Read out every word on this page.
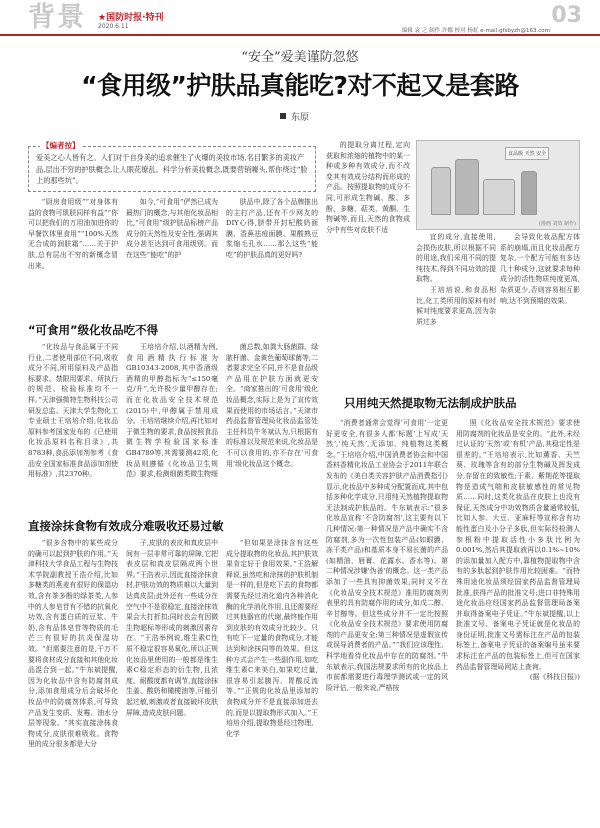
背景 ★国防时报·特刊
2020.6.11
编辑 袁 之 制作 许娜 校对 杨虹 e-mail:gfsbyzh@163.com
03
“安全”爱美谨防忽悠
“食用级”护肤品真能吃?对不起又是套路
东原
【编者按】
爱美之心人皆有之。人们对于自身美的追求催生了火爆的美妆市场,名目繁多的美妆产品,层出不穷的护肤概念,让人眼花缭乱。科学分析美妆概念,既要营销噱头,帮你绕过“脸上的那些坑”。
食品级 天然 安全
(漫画 刘效 制作)

“厨房食用级”“对身体有益的食物可肌肤同样有益”“你可以把我们的万用油加进你的早餐饮体里食用”“100%天然无合成的润肤霜”……关于护肤,总有层出不穷的新概念冒出来。

如今,“可食用”俨然已成为最热门的概念,与其他化妆品相比,“可食用”级护肤品标榜产品成分的天然性及安全性,强调其成分甚至达到可食用级别。而在这些“能吃”的护

肤品中,除了各个品牌推出的主打产品,还有不少网友的DIY心得,脐带开封杞酸奶面膜、香蕉祛痘面膜、果酸熟豆浆缩毛孔水……那么这些“能吃”的护肤品真的更好吗?

的提取分离过程,定向获取和浓缩的植物中的某一种或多种有效成分,而不改变其有效成分结构而形成的产品。按照提取物的成分不同,可形成生物碱、酸、多酚、多糖、萜类、黄酮、生物碱等,而且,天然的食物成分中有些对皮肤不适

宜的成分,直接使用,会损伤皮肤,所以根据不同的用途,我们采用不同的提纯技术,得到不同功效的提取物。

王培培说,和食品相比,化工类所用的原料有时候对纯度要求更高,因为杂质过多

会导致化妆品配方体系的崩塌,而且化妆品配方复杂,一个配方可能有多达几十种成分,这就要求每种成分的活性物质纯度更高,杂质更少,否则容易相互影响,达不到预期的效果。

“可食用”级化妆品吃不得

“化妆品与食品属于不同行业,二者使用部位不同,吸收成分不同,所用原料及产品指标要求、禁限用要求、所执行的规范、检验标准均不一样。”天津强微特生物科技公司研发总监、天津大学生物化工专业硕士王培培介绍,化妆品原料参考国家发布的《已使用化妆品原料名称目录》,共8783种,食品添加剂参考《食品安全国家标准食品添加剂使用标准》,共2370种。

王培培介绍,以酒精为例,食用酒精执行标准为GB10343-2008,其中香酒级酒精的甲醇指标为“≤150毫克/升”,允许极少量甲醇存在;而在化妆品安全技术规范(2015)中,甲醇属于禁用成分。王培培继续介绍,再比如对于微生物的要求,食品按照食品微生物学检验国家标准GB4789等,其需要测42项,化妆品则遵循《化妆品卫生规范》要求,检测细菌类微生物细

菌总数,如粪大肠菌群、绿脓杆菌、金黄色葡萄球菌等,二者要求完全不同,并不是食品级产品用在护肤方面就更安全。“商家推出的‘可食用’级化妆品概念,实际上是为了宣传效果而使用的市场话言。”天津市药品监督管理局化妆品监管处主任科员牛冬斌认为,只根据有的标准以及规范来说,化妆品是不可以食用的,亦不存在‘可食用’级化妆品这个概念。

直接涂抹食物有效成分难吸收还易过敏

“很多含物中的某些成分的确可以起到护肤的作用。”天津科技大学食品工程与生物技术学院副教授王浩介绍,比如多糖类的燕麦有很好的保湿功效,含有茶多酚的绿茶类,人参中的人参皂苷有不错的抗氧化功效,含有蛋白质的豆浆、牛奶,含有品体皂苷等物质的毛芒三有很好的抗炎保湿功效。“但需要注意的是,干万不要将食材成分直接和其他化妆品混合到一起。”牛东斌提醒,因为化妆品中含有防腐剂成分,添加食用成分后会破坏化妆品中的防腐剂体系,可导致产品发生变质、发霉、油水分层等现象。“其实直接涂抹食物成分,皮肤很难吸收。食物里的成分很多都是大分

子,皮肤的表皮和真皮层中间有一层非常可靠的屏障,它把表皮层和真皮层隔成两个世界。”王浩表示,因此直接涂抹食材,护肤功效的物质难以大量到达真皮层;此外还有一些成分在空气中不是很稳定,直接涂抹效果会大打折扣;同时也会有因微生物超标等形成的刺激因素存在。“王浩举例说,维生素C性质不稳定很容易氧化,所以正规化妆品里使用的一般都是维生素C稳定形态的衍生物,且浓度、耐酸度都有调节,直接涂抹生姜、酸奶和橄榄油等,可能引起过敏,刺激或者直接破坏皮肤屏障,造成皮肤问题。

“但如果是涂抹含有这些成分提取物的化妆品,其护肤效果肯定好于食用效果。”王浩解释说,虽然吃和涂抹的护肤机制是一样的,但是吃下去的食物都需要先经过消化道内各种消化酶的化学消化作用,且还需要经过其他器官的代谢,最终能作用到皮肤的有效成分比较少。只有吃下一定量的食物成分,才能达到和涂抹同等的效果。但这种方式会产生一些副作用,如吃维生素C来美白,如果吃过量,很容易引起腹泻、胃酸反流等。”“正规的化妆品里添加的食物成分并不是直接添加进去的,而是以提取物形式加入。”王培培介绍,提取物是经过物理、化学

只用纯天然提取物无法制成护肤品

“消费者通常会觉得‘可食用’一定更好更安全,有很多人都‘标题’上写成‘天然’,‘纯天然’,无添加、纯植物这类概念。”王培培介绍,中国消费者协会和中国香料香精化妆品工业协会于2011年联合发布的《美白类关容护肤产品消费指引》显示,化妆品中多种成分配置而成,其中包括多种化学成分,只用纯天然植物提取物无法制成护肤品的。牛东斌表示:“很多化妆品宣称‘不含防腐剂’,这主要有以下几种情况:第一种情况是产品中确实不含防腐剂,多为一次性包装产品(如眼膜、冻干类产品)和基质本身不易长菌的产品(如精油、唇膏、花露水、香水等)。第二种情况涉嫌'伪善'的概念。这一类产品添加了一些具有抑菌效果,同时又不在《化妆品安全技术规范》准用防腐剂列表里的具有防腐作用的成分,如戊二醇、辛甘醇等。但这些成分并不一定比按照《化妆品安全技术规范》要求使用防腐剂的产品更安全;第三种情况是虚假宣传或误导消费者的产品。”“我们应该理性、科学地看待化妆品中存在的防腐剂。”牛东斌表示,我国法规要求所有的化妆品上市前都需要进行毒理学测试或一定的风险评估,一般来说,严格按

照《化妆品安全技术规范》要求使用防腐剂的化妆品是安全的。“此外,未经过认证的‘天然’或‘有机’产品,其稳定性是很差的。”王培培表示,比如薰香、天竺葵、玫瑰等含有的部分生物碱及挥发成分,存留在的致敏性;于素、紫荆花等提取物是造成气喘和皮肤敏感性的常见物质……同时,这类化妆品在皮肤上也没有保证,天然成分中功效物质含量通常较低,比如人参、大豆、亚麻籽等宣称含有功能性蛋白及小分子多肽,但实际经检测人参根粉中提取活性小多肽比例为0.001%,然后其提取液再以0.1%~10%的添加量加入配方中,靠植物提取物中含有的多肽起到护肤作用比较困难。“而特殊用途化妆品须经国家药品监督管理局批准,获得产品的批准文号;进口非特殊用途化妆品应经国家药品监督管理局备案并取得备案电子凭证。”牛东斌提醒,以上批准文号、备案电子凭证就是化妆品的身份证明,批准文号需标注在产品的包装标签上,备案电子凭证的备案编号虽未要求标注在产品的包装标签上,但可在国家药品监督管理局网站上查询。

(据《科技日报》)
